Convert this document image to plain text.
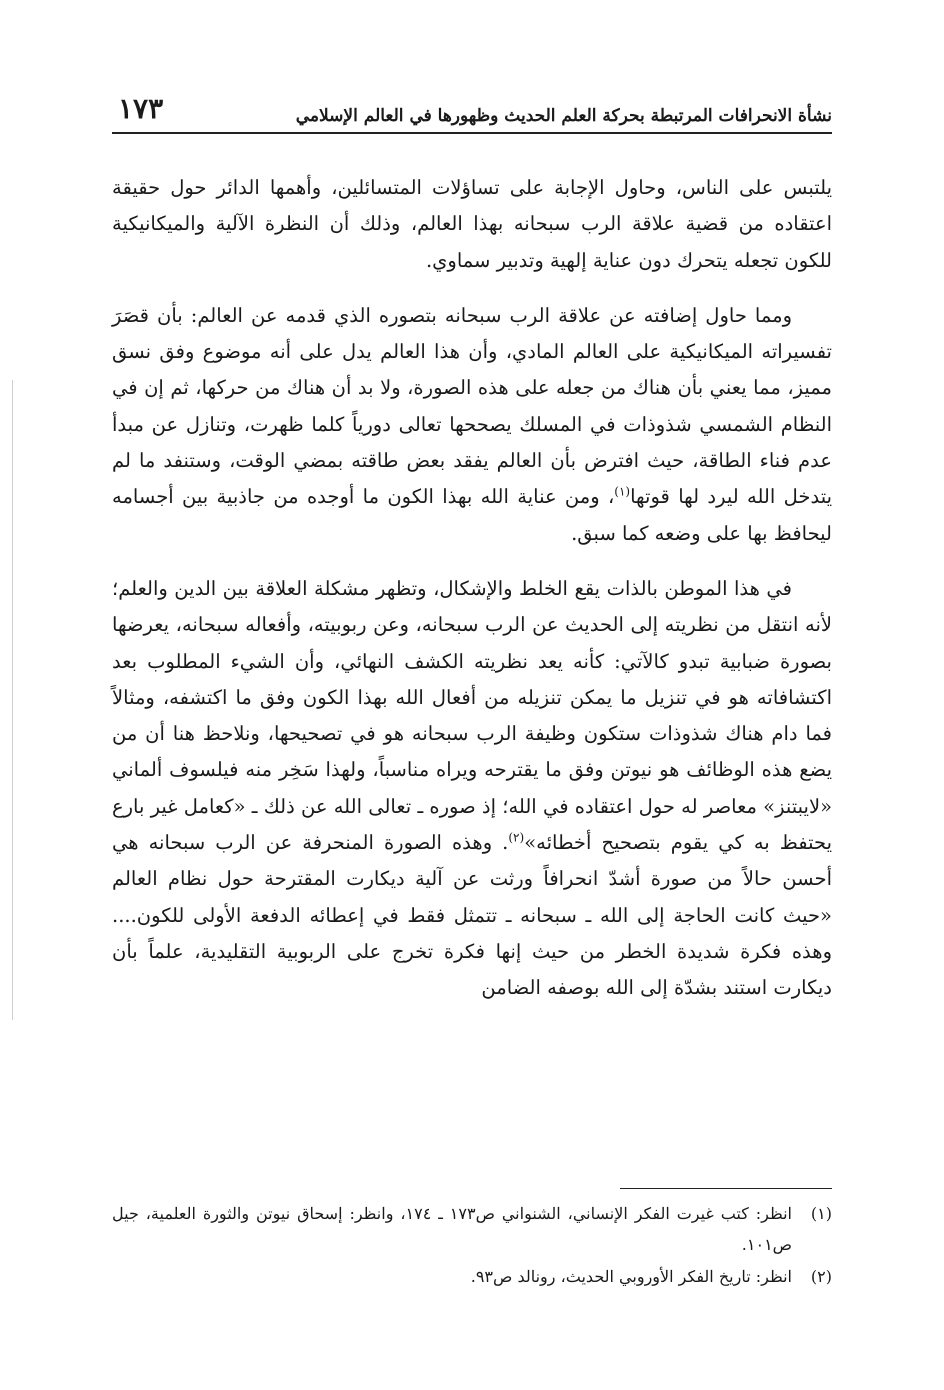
نشأة الانحرافات المرتبطة بحركة العلم الحديث وظهورها في العالم الإسلامي
١٧٣

يلتبس على الناس، وحاول الإجابة على تساؤلات المتسائلين، وأهمها الدائر حول حقيقة اعتقاده من قضية علاقة الرب سبحانه بهذا العالم، وذلك أن النظرة الآلية والميكانيكية للكون تجعله يتحرك دون عناية إلهية وتدبير سماوي.

ومما حاول إضافته عن علاقة الرب سبحانه بتصوره الذي قدمه عن العالم: بأن قصَرَ تفسيراته الميكانيكية على العالم المادي، وأن هذا العالم يدل على أنه موضوع وفق نسق مميز، مما يعني بأن هناك من جعله على هذه الصورة، ولا بد أن هناك من حركها، ثم إن في النظام الشمسي شذوذات في المسلك يصححها تعالى دورياً كلما ظهرت، وتنازل عن مبدأ عدم فناء الطاقة، حيث افترض بأن العالم يفقد بعض طاقته بمضي الوقت، وستنفد ما لم يتدخل الله ليرد لها قوتها$^{(١)}$، ومن عناية الله بهذا الكون ما أوجده من جاذبية بين أجسامه ليحافظ بها على وضعه كما سبق.

في هذا الموطن بالذات يقع الخلط والإشكال، وتظهر مشكلة العلاقة بين الدين والعلم؛ لأنه انتقل من نظريته إلى الحديث عن الرب سبحانه، وعن ربوبيته، وأفعاله سبحانه، يعرضها بصورة ضبابية تبدو كالآتي: كأنه يعد نظريته الكشف النهائي، وأن الشيء المطلوب بعد اكتشافاته هو في تنزيل ما يمكن تنزيله من أفعال الله بهذا الكون وفق ما اكتشفه، ومثالاً فما دام هناك شذوذات ستكون وظيفة الرب سبحانه هو في تصحيحها، ونلاحظ هنا أن من يضع هذه الوظائف هو نيوتن وفق ما يقترحه ويراه مناسباً، ولهذا سَخِر منه فيلسوف ألماني «لايبتنز» معاصر له حول اعتقاده في الله؛ إذ صوره ـ تعالى الله عن ذلك ـ «كعامل غير بارع يحتفظ به كي يقوم بتصحيح أخطائه»$^{(٢)}$. وهذه الصورة المنحرفة عن الرب سبحانه هي أحسن حالاً من صورة أشدّ انحرافاً ورثت عن آلية ديكارت المقترحة حول نظام العالم «حيث كانت الحاجة إلى الله ـ سبحانه ـ تتمثل فقط في إعطائه الدفعة الأولى للكون.... وهذه فكرة شديدة الخطر من حيث إنها فكرة تخرج على الربوبية التقليدية، علماً بأن ديكارت استند بشدّة إلى الله بوصفه الضامن

(١)
انظر: كتب غيرت الفكر الإنساني، الشنواني ص١٧٣ ـ ١٧٤، وانظر: إسحاق نيوتن والثورة العلمية، جيل ص١٠١.
(٢)
انظر: تاريخ الفكر الأوروبي الحديث، رونالد ص٩٣.
